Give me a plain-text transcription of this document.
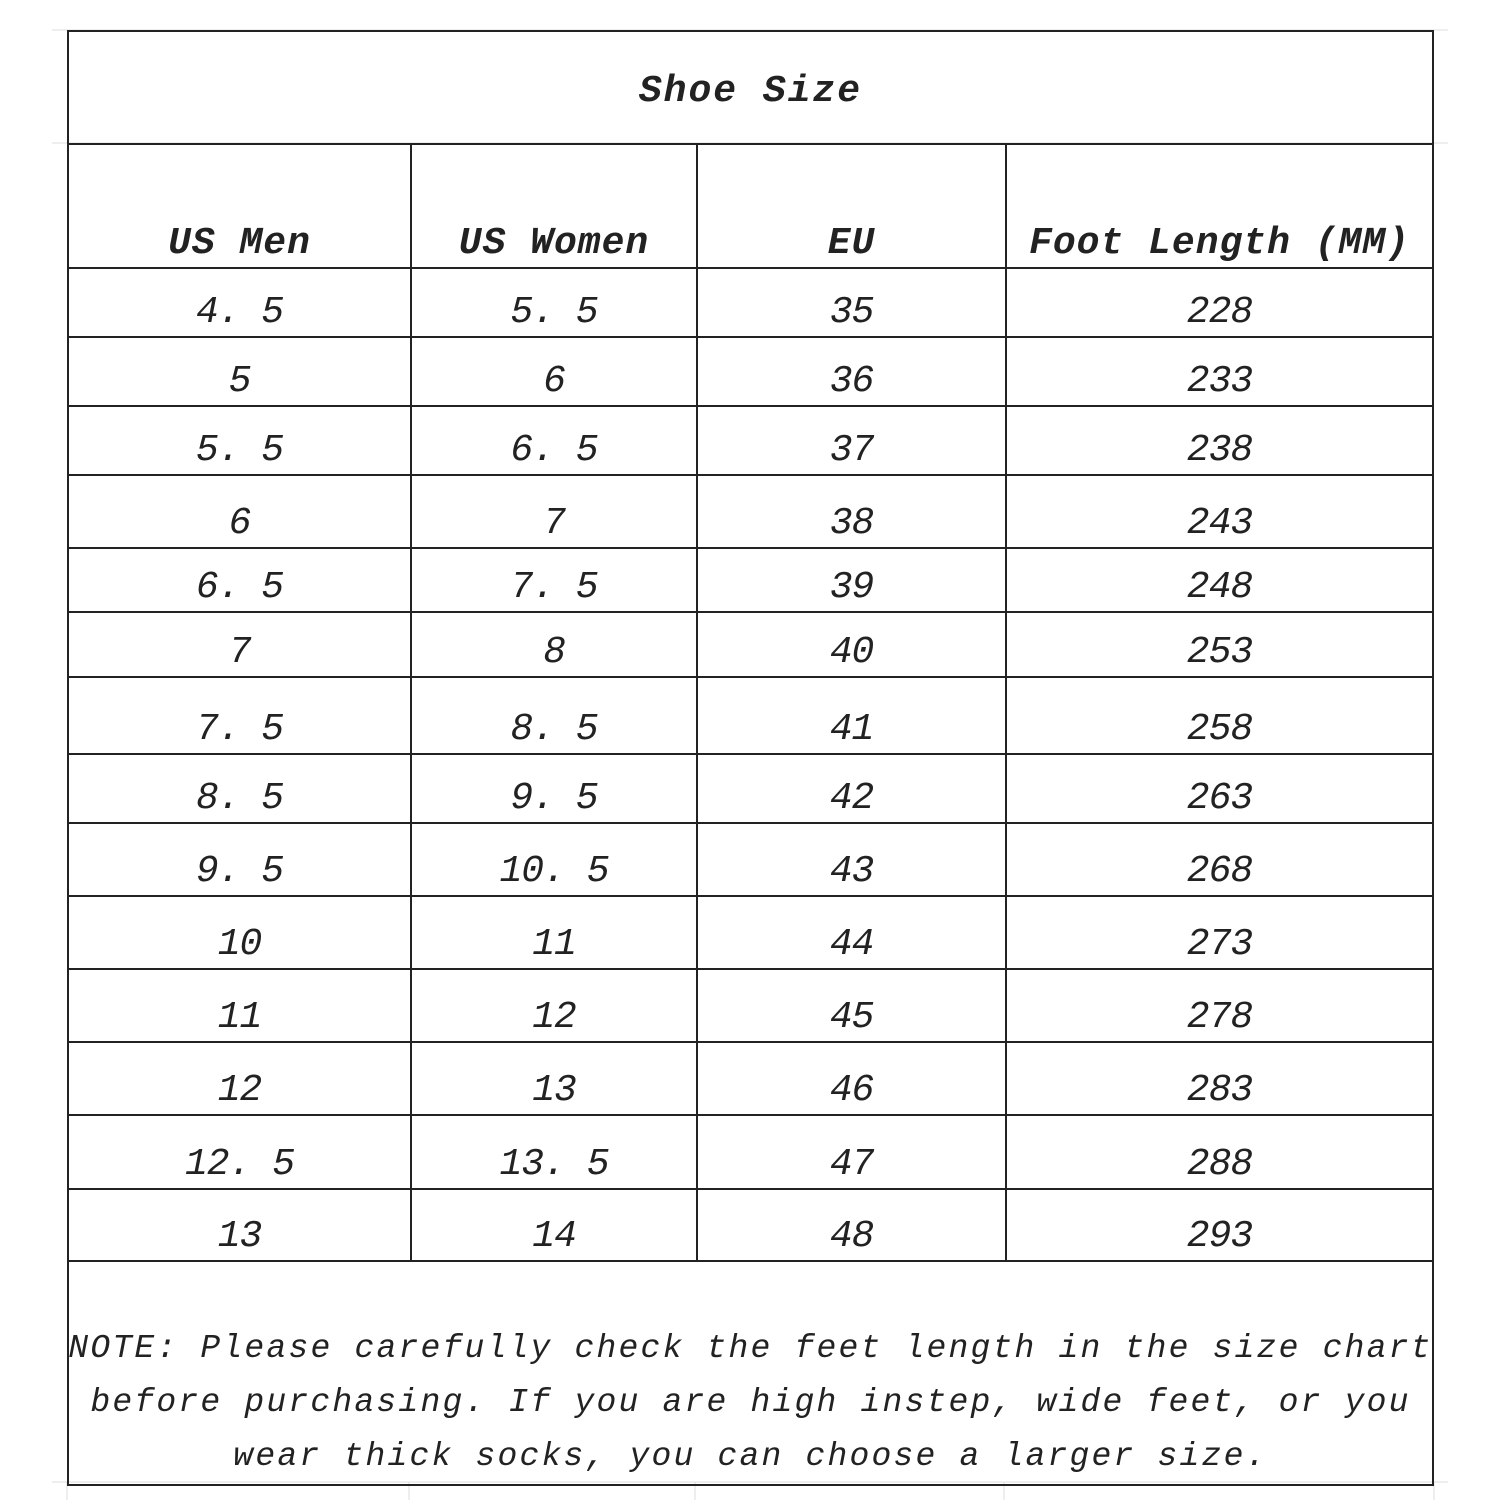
Shoe Size
US Men	US Women	EU	Foot Length (MM)
4. 5	5. 5	35	228
5	6	36	233
5. 5	6. 5	37	238
6	7	38	243
6. 5	7. 5	39	248
7	8	40	253
7. 5	8. 5	41	258
8. 5	9. 5	42	263
9. 5	10. 5	43	268
10	11	44	273
11	12	45	278
12	13	46	283
12. 5	13. 5	47	288
13	14	48	293
NOTE: Please carefully check the feet length in the size chart
before purchasing. If you are high instep, wide feet, or you
wear thick socks, you can choose a larger size.
